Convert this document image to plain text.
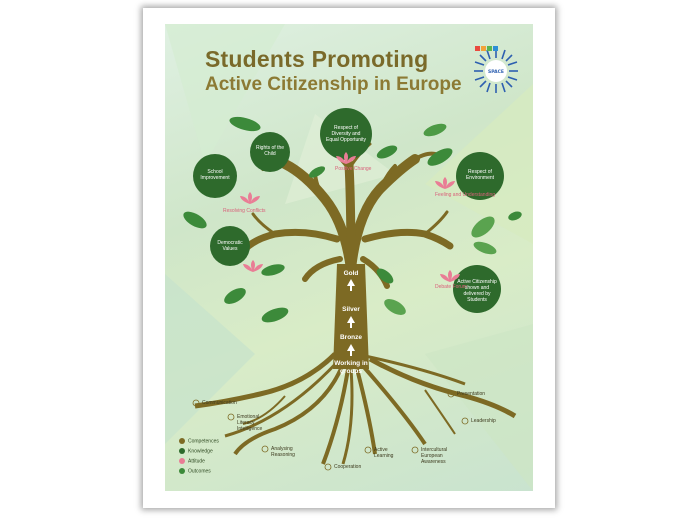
Students Promoting
Active Citizenship in Europe
SPACE
School Improvement
Rights of the Child
Respect of Diversity and Equal Opportunity
Respect of Environment
Democratic Values
Active Citizenship shown and delivered by Students
Positive Change
Resolving Conflicts
Feeling and Understanding
Debate Forum
Gold
Silver
Bronze
Working in groups
Communication
Emotional Literacy Intelligence
Analysing Reasoning
Cooperation
Active Learning
Intercultural European Awareness
Leadership
Presentation
Competences
Knowledge
Attitude
Outcomes
